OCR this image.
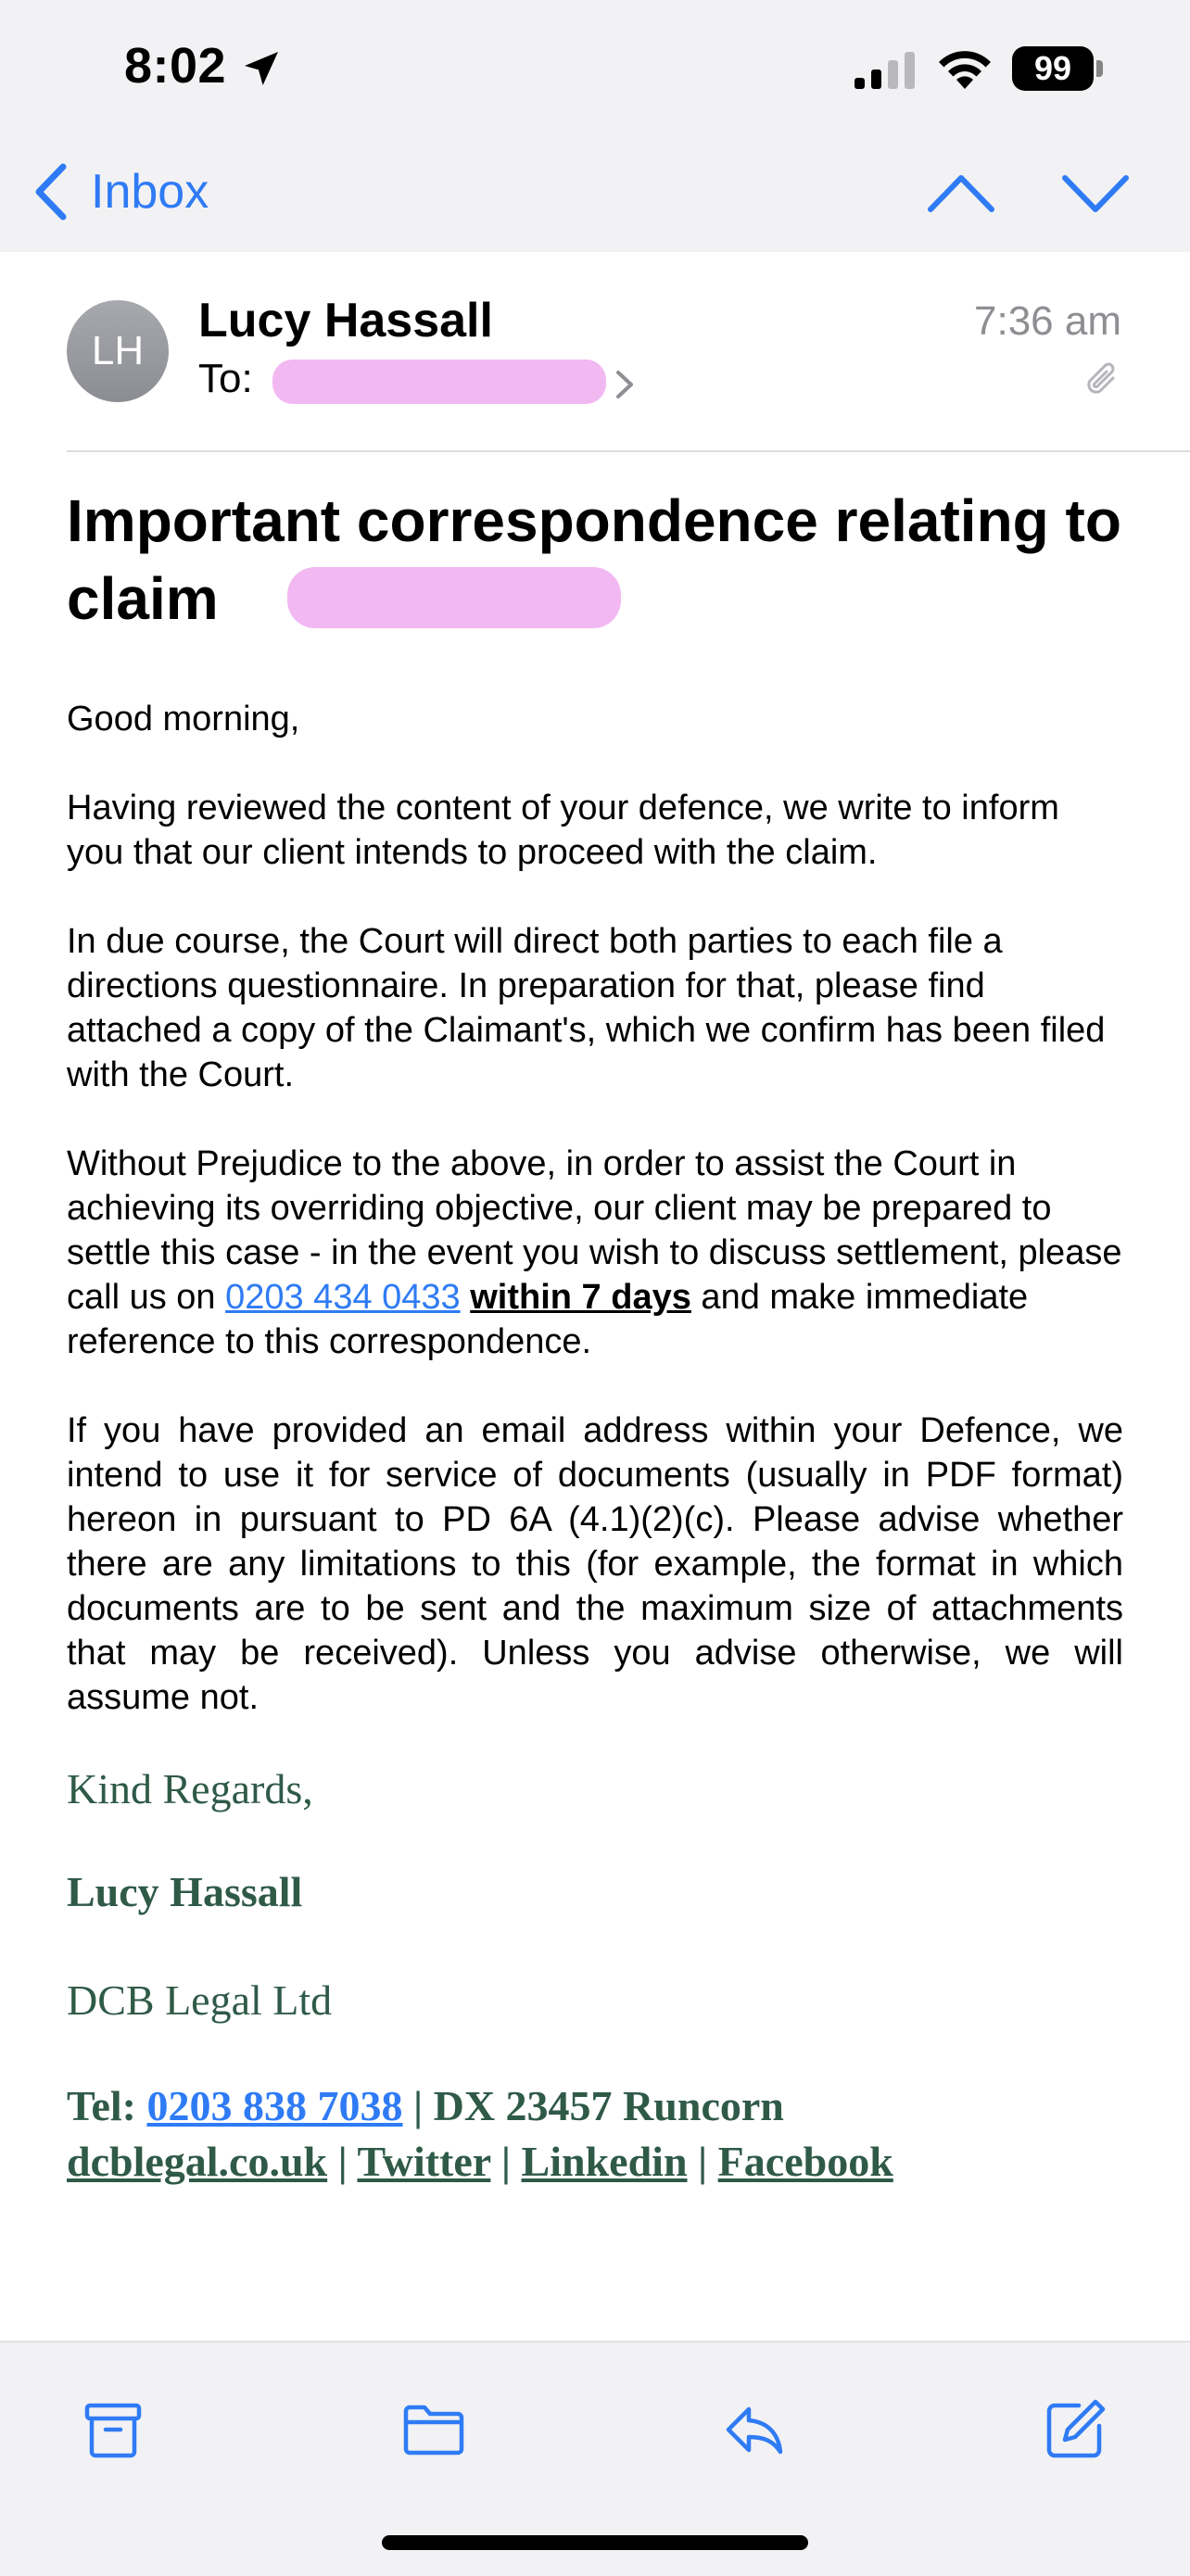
8:02	99
Inbox
LH
Lucy Hassall
To:
7:36 am
Important correspondence relating to claim

Good morning,

Having reviewed the content of your defence, we write to inform you that our client intends to proceed with the claim.

In due course, the Court will direct both parties to each file a directions questionnaire. In preparation for that, please find attached a copy of the Claimant's, which we confirm has been filed with the Court.

Without Prejudice to the above, in order to assist the Court in achieving its overriding objective, our client may be prepared to settle this case - in the event you wish to discuss settlement, please call us on 0203 434 0433 within 7 days and make immediate reference to this correspondence.

If you have provided an email address within your Defence, we intend to use it for service of documents (usually in PDF format) hereon in pursuant to PD 6A (4.1)(2)(c). Please advise whether there are any limitations to this (for example, the format in which documents are to be sent and the maximum size of attachments that may be received). Unless you advise otherwise, we will assume not.

Kind Regards,
Lucy Hassall
DCB Legal Ltd
Tel: 0203 838 7038 | DX 23457 Runcorn
dcblegal.co.uk | Twitter | Linkedin | Facebook
